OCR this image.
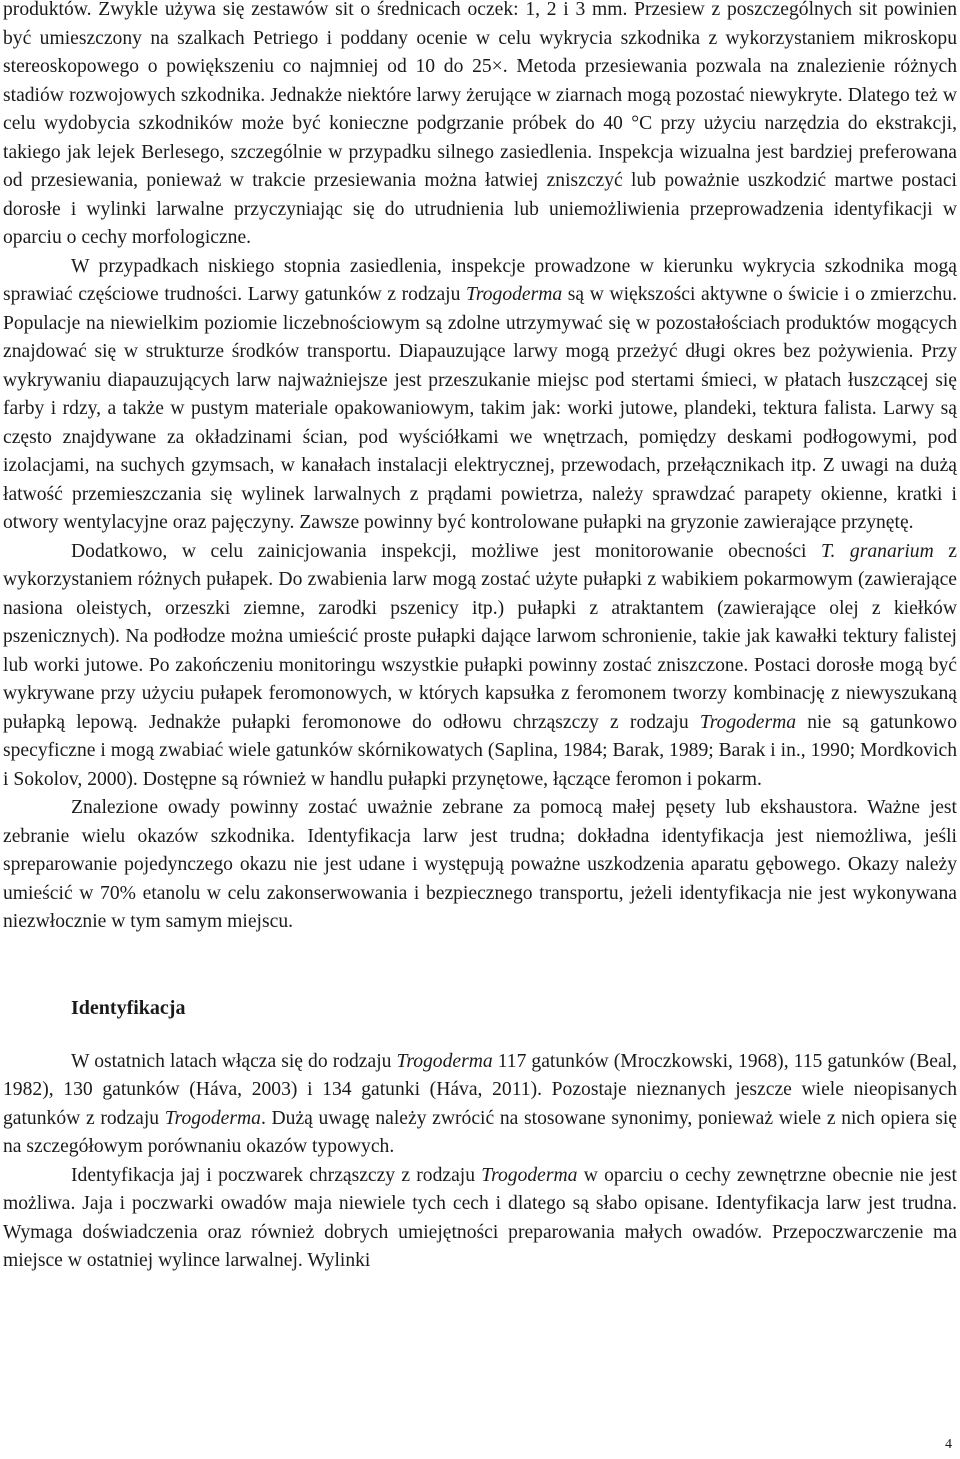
produktów. Zwykle używa się zestawów sit o średnicach oczek: 1, 2 i 3 mm. Przesiew z poszczególnych sit powinien być umieszczony na szalkach Petriego i poddany ocenie w celu wykrycia szkodnika z wykorzystaniem mikroskopu stereoskopowego o powiększeniu co najmniej od 10 do 25×. Metoda przesiewania pozwala na znalezienie różnych stadiów rozwojowych szkodnika. Jednakże niektóre larwy żerujące w ziarnach mogą pozostać niewykryte. Dlatego też w celu wydobycia szkodników może być konieczne podgrzanie próbek do 40 °C przy użyciu narzędzia do ekstrakcji, takiego jak lejek Berlesego, szczególnie w przypadku silnego zasiedlenia. Inspekcja wizualna jest bardziej preferowana od przesiewania, ponieważ w trakcie przesiewania można łatwiej zniszczyć lub poważnie uszkodzić martwe postaci dorosłe i wylinki larwalne przyczyniając się do utrudnienia lub uniemożliwienia przeprowadzenia identyfikacji w oparciu o cechy morfologiczne.

W przypadkach niskiego stopnia zasiedlenia, inspekcje prowadzone w kierunku wykrycia szkodnika mogą sprawiać częściowe trudności. Larwy gatunków z rodzaju Trogoderma są w większości aktywne o świcie i o zmierzchu. Populacje na niewielkim poziomie liczebnościowym są zdolne utrzymywać się w pozostałościach produktów mogących znajdować się w strukturze środków transportu. Diapauzujące larwy mogą przeżyć długi okres bez pożywienia. Przy wykrywaniu diapauzujących larw najważniejsze jest przeszukanie miejsc pod stertami śmieci, w płatach łuszczącej się farby i rdzy, a także w pustym materiale opakowaniowym, takim jak: worki jutowe, plandeki, tektura falista. Larwy są często znajdywane za okładzinami ścian, pod wyściółkami we wnętrzach, pomiędzy deskami podłogowymi, pod izolacjami, na suchych gzymsach, w kanałach instalacji elektrycznej, przewodach, przełącznikach itp. Z uwagi na dużą łatwość przemieszczania się wylinek larwalnych z prądami powietrza, należy sprawdzać parapety okienne, kratki i otwory wentylacyjne oraz pajęczyny. Zawsze powinny być kontrolowane pułapki na gryzonie zawierające przynętę.

Dodatkowo, w celu zainicjowania inspekcji, możliwe jest monitorowanie obecności T. granarium z wykorzystaniem różnych pułapek. Do zwabienia larw mogą zostać użyte pułapki z wabikiem pokarmowym (zawierające nasiona oleistych, orzeszki ziemne, zarodki pszenicy itp.) pułapki z atraktantem (zawierające olej z kiełków pszenicznych). Na podłodze można umieścić proste pułapki dające larwom schronienie, takie jak kawałki tektury falistej lub worki jutowe. Po zakończeniu monitoringu wszystkie pułapki powinny zostać zniszczone. Postaci dorosłe mogą być wykrywane przy użyciu pułapek feromonowych, w których kapsułka z feromonem tworzy kombinację z niewyszukaną pułapką lepową. Jednakże pułapki feromonowe do odłowu chrząszczy z rodzaju Trogoderma nie są gatunkowo specyficzne i mogą zwabiać wiele gatunków skórnikowatych (Saplina, 1984; Barak, 1989; Barak i in., 1990; Mordkovich i Sokolov, 2000). Dostępne są również w handlu pułapki przynętowe, łączące feromon i pokarm.

Znalezione owady powinny zostać uważnie zebrane za pomocą małej pęsety lub ekshaustora. Ważne jest zebranie wielu okazów szkodnika. Identyfikacja larw jest trudna; dokładna identyfikacja jest niemożliwa, jeśli spreparowanie pojedynczego okazu nie jest udane i występują poważne uszkodzenia aparatu gębowego. Okazy należy umieścić w 70% etanolu w celu zakonserwowania i bezpiecznego transportu, jeżeli identyfikacja nie jest wykonywana niezwłocznie w tym samym miejscu.

Identyfikacja

W ostatnich latach włącza się do rodzaju Trogoderma 117 gatunków (Mroczkowski, 1968), 115 gatunków (Beal, 1982), 130 gatunków (Háva, 2003) i 134 gatunki (Háva, 2011). Pozostaje nieznanych jeszcze wiele nieopisanych gatunków z rodzaju Trogoderma. Dużą uwagę należy zwrócić na stosowane synonimy, ponieważ wiele z nich opiera się na szczegółowym porównaniu okazów typowych.

Identyfikacja jaj i poczwarek chrząszczy z rodzaju Trogoderma w oparciu o cechy zewnętrzne obecnie nie jest możliwa. Jaja i poczwarki owadów maja niewiele tych cech i dlatego są słabo opisane. Identyfikacja larw jest trudna. Wymaga doświadczenia oraz również dobrych umiejętności preparowania małych owadów. Przepoczwarczenie ma miejsce w ostatniej wylince larwalnej. Wylinki

4
